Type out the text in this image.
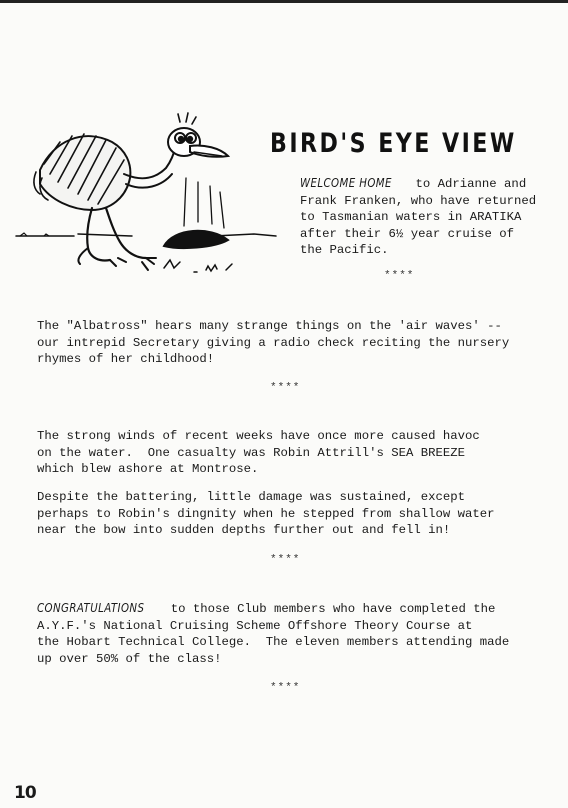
BIRD'S EYE VIEW
WELCOME HOME to Adrianne and
Frank Franken, who have returned
to Tasmanian waters in ARATIKA
after their 6½ year cruise of
the Pacific.
****
The "Albatross" hears many strange things on the 'air waves' --
our intrepid Secretary giving a radio check reciting the nursery
rhymes of her childhood!
****
The strong winds of recent weeks have once more caused havoc
on the water.  One casualty was Robin Attrill's SEA BREEZE
which blew ashore at Montrose.
Despite the battering, little damage was sustained, except
perhaps to Robin's dingnity when he stepped from shallow water
near the bow into sudden depths further out and fell in!
****
CONGRATULATIONS to those Club members who have completed the
A.Y.F.'s National Cruising Scheme Offshore Theory Course at
the Hobart Technical College.  The eleven members attending made
up over 50% of the class!
****
10
